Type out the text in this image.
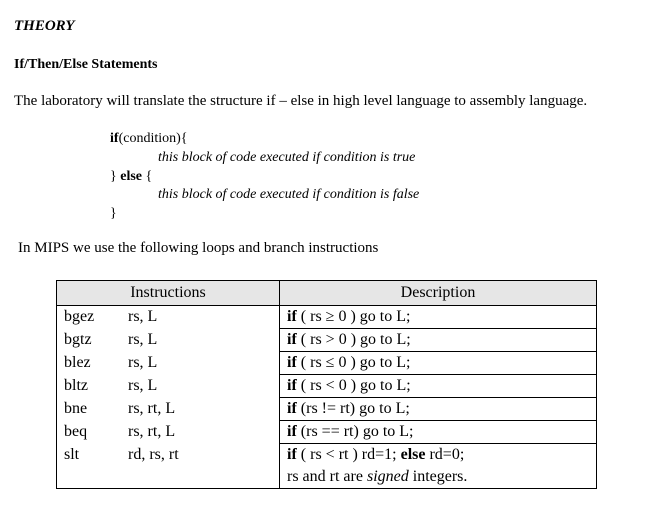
THEORY
If/Then/Else Statements
The laboratory will translate the structure if – else in high level language to assembly language.
if(condition){
this block of code executed if condition is true
} else {
this block of code executed if condition is false
}
In MIPS we use the following loops and branch instructions
Instructions	Description
bgez rs, L	if ( rs ≥ 0 ) go to L;
bgtz rs, L	if ( rs > 0 ) go to L;
blez rs, L	if ( rs ≤ 0 ) go to L;
bltz rs, L	if ( rs < 0 ) go to L;
bne rs, rt, L	if (rs != rt) go to L;
beq rs, rt, L	if (rs == rt) go to L;
slt rd, rs, rt	if ( rs < rt ) rd=1; else rd=0;
rs and rt are signed integers.
